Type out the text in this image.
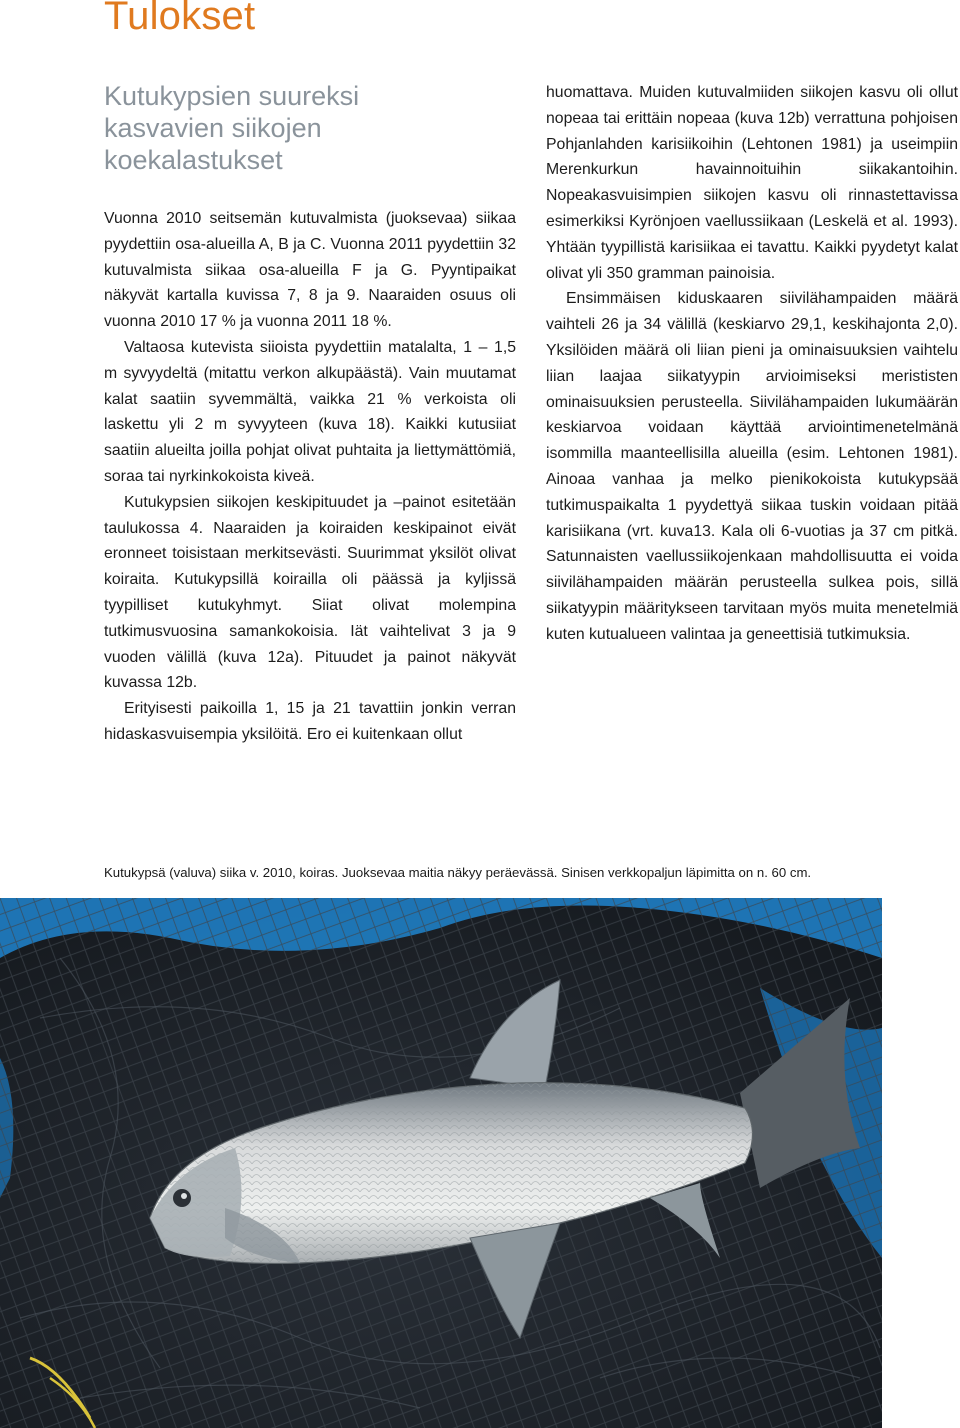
Tulokset
Kutukypsien suureksi kasvavien siikojen koekalastukset

Vuonna 2010 seitsemän kutuvalmista (juoksevaa) siikaa pyydettiin osa-alueilla A, B ja C. Vuonna 2011 pyydettiin 32 kutuvalmista siikaa osa-alueilla F ja G. Pyyntipaikat näkyvät kartalla kuvissa 7, 8 ja 9. Naaraiden osuus oli vuonna 2010 17 % ja vuonna 2011 18 %.

Valtaosa kutevista siioista pyydettiin matalalta, 1 – 1,5 m syvyydeltä (mitattu verkon alkupäästä). Vain muutamat kalat saatiin syvemmältä, vaikka 21 % verkoista oli laskettu yli 2 m syvyyteen (kuva 18). Kaikki kutusiiat saatiin alueilta joilla pohjat olivat puhtaita ja liettymättömiä, soraa tai nyrkinkokoista kiveä.

Kutukypsien siikojen keskipituudet ja –painot esitetään taulukossa 4. Naaraiden ja koiraiden keskipainot eivät eronneet toisistaan merkitsevästi. Suurimmat yksilöt olivat koiraita. Kutukypsillä koirailla oli päässä ja kyljissä tyypilliset kutukyhmyt. Siiat olivat molempina tutkimusvuosina samankokoisia. Iät vaihtelivat 3 ja 9 vuoden välillä (kuva 12a). Pituudet ja painot näkyvät kuvassa 12b.

Erityisesti paikoilla 1, 15 ja 21 tavattiin jonkin verran hidaskasvuisempia yksilöitä. Ero ei kuitenkaan ollut

huomattava. Muiden kutuvalmiiden siikojen kasvu oli ollut nopeaa tai erittäin nopeaa (kuva 12b) verrattuna pohjoisen Pohjanlahden karisiikoihin (Lehtonen 1981) ja useimpiin Merenkurkun havainnoituihin siikakantoihin. Nopeakasvuisimpien siikojen kasvu oli rinnastettavissa esimerkiksi Kyrönjoen vaellussiikaan (Leskelä et al. 1993). Yhtään tyypillistä karisiikaa ei tavattu. Kaikki pyydetyt kalat olivat yli 350 gramman painoisia.

Ensimmäisen kiduskaaren siivilähampaiden määrä vaihteli 26 ja 34 välillä (keskiarvo 29,1, keskihajonta 2,0). Yksilöiden määrä oli liian pieni ja ominaisuuksien vaihtelu liian laajaa siikatyypin arvioimiseksi merististen ominaisuuksien perusteella. Siivilähampaiden lukumäärän keskiarvoa voidaan käyttää arviointimenetelmänä isommilla maanteellisilla alueilla (esim. Lehtonen 1981). Ainoaa vanhaa ja melko pienikokoista kutukypsää tutkimuspaikalta 1 pyydettyä siikaa tuskin voidaan pitää karisiikana (vrt. kuva13. Kala oli 6-vuotias ja 37 cm pitkä. Satunnaisten vaellussiikojenkaan mahdollisuutta ei voida siivilähampaiden määrän perusteella sulkea pois, sillä siikatyypin määritykseen tarvitaan myös muita menetelmiä kuten kutualueen valintaa ja geneettisiä tutkimuksia.

Kutukypsä (valuva) siika v. 2010, koiras. Juoksevaa maitia näkyy peräevässä. Sinisen verkkopaljun läpimitta on n. 60 cm.
